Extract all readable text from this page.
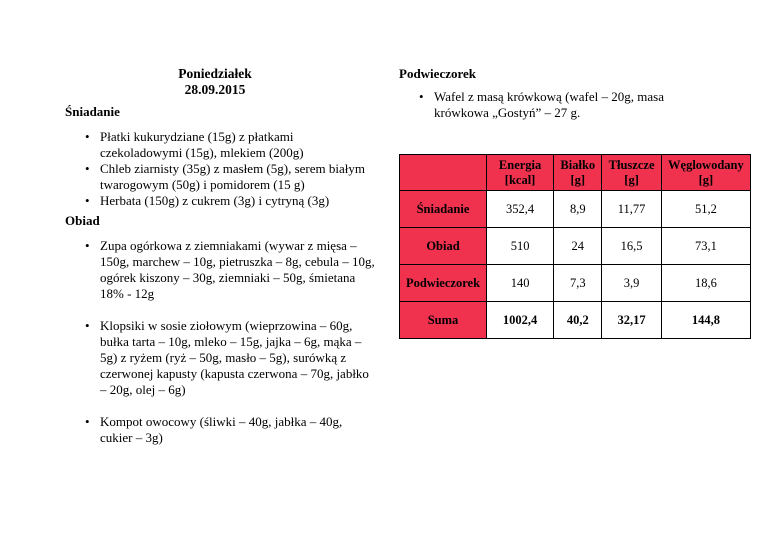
Poniedziałek
28.09.2015
Śniadanie
• Płatki kukurydziane (15g) z płatkami czekoladowymi (15g), mlekiem (200g)
• Chleb ziarnisty (35g) z masłem (5g), serem białym twarogowym (50g) i pomidorem (15 g)
• Herbata (150g) z cukrem (3g) i cytryną (3g)
Obiad
• Zupa ogórkowa z ziemniakami (wywar z mięsa – 150g, marchew – 10g, pietruszka – 8g, cebula – 10g, ogórek kiszony – 30g, ziemniaki – 50g, śmietana 18% - 12g
• Klopsiki w sosie ziołowym (wieprzowina – 60g, bułka tarta – 10g, mleko – 15g, jajka – 6g, mąka – 5g) z ryżem (ryż – 50g, masło – 5g), surówką z czerwonej kapusty (kapusta czerwona – 70g, jabłko – 20g, olej – 6g)
• Kompot owocowy (śliwki – 40g, jabłka – 40g, cukier – 3g)
Podwieczorek
• Wafel z masą krówkową (wafel – 20g, masa krówkowa „Gostyń” – 27 g.
	Energia [kcal]	Białko [g]	Tłuszcze [g]	Węglowodany [g]
Śniadanie	352,4	8,9	11,77	51,2
Obiad	510	24	16,5	73,1
Podwieczorek	140	7,3	3,9	18,6
Suma	1002,4	40,2	32,17	144,8
